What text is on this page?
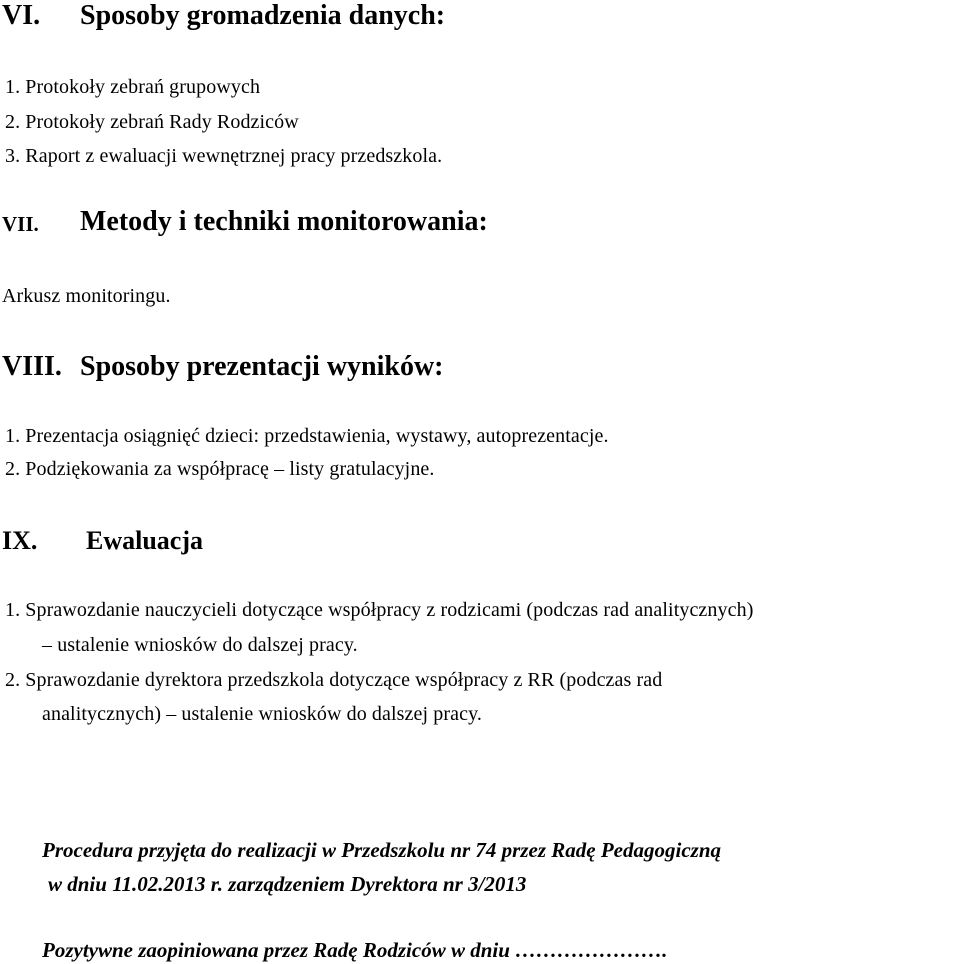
VI. Sposoby gromadzenia danych:
1. Protokoły zebrań grupowych
2. Protokoły zebrań Rady Rodziców
3. Raport z ewaluacji wewnętrznej pracy przedszkola.
VII. Metody i techniki monitorowania:
Arkusz monitoringu.
VIII. Sposoby prezentacji wyników:
1. Prezentacja osiągnięć dzieci: przedstawienia, wystawy, autoprezentacje.
2. Podziękowania za współpracę – listy gratulacyjne.
IX. Ewaluacja
1. Sprawozdanie nauczycieli dotyczące współpracy z rodzicami (podczas rad analitycznych)
– ustalenie wniosków do dalszej pracy.
2. Sprawozdanie dyrektora przedszkola dotyczące współpracy z RR (podczas rad
analitycznych) – ustalenie wniosków do dalszej pracy.
Procedura przyjęta do realizacji w Przedszkolu nr 74 przez Radę Pedagogiczną
w dniu 11.02.2013 r. zarządzeniem Dyrektora nr 3/2013
Pozytywne zaopiniowana przez Radę Rodziców w dniu ………………….
